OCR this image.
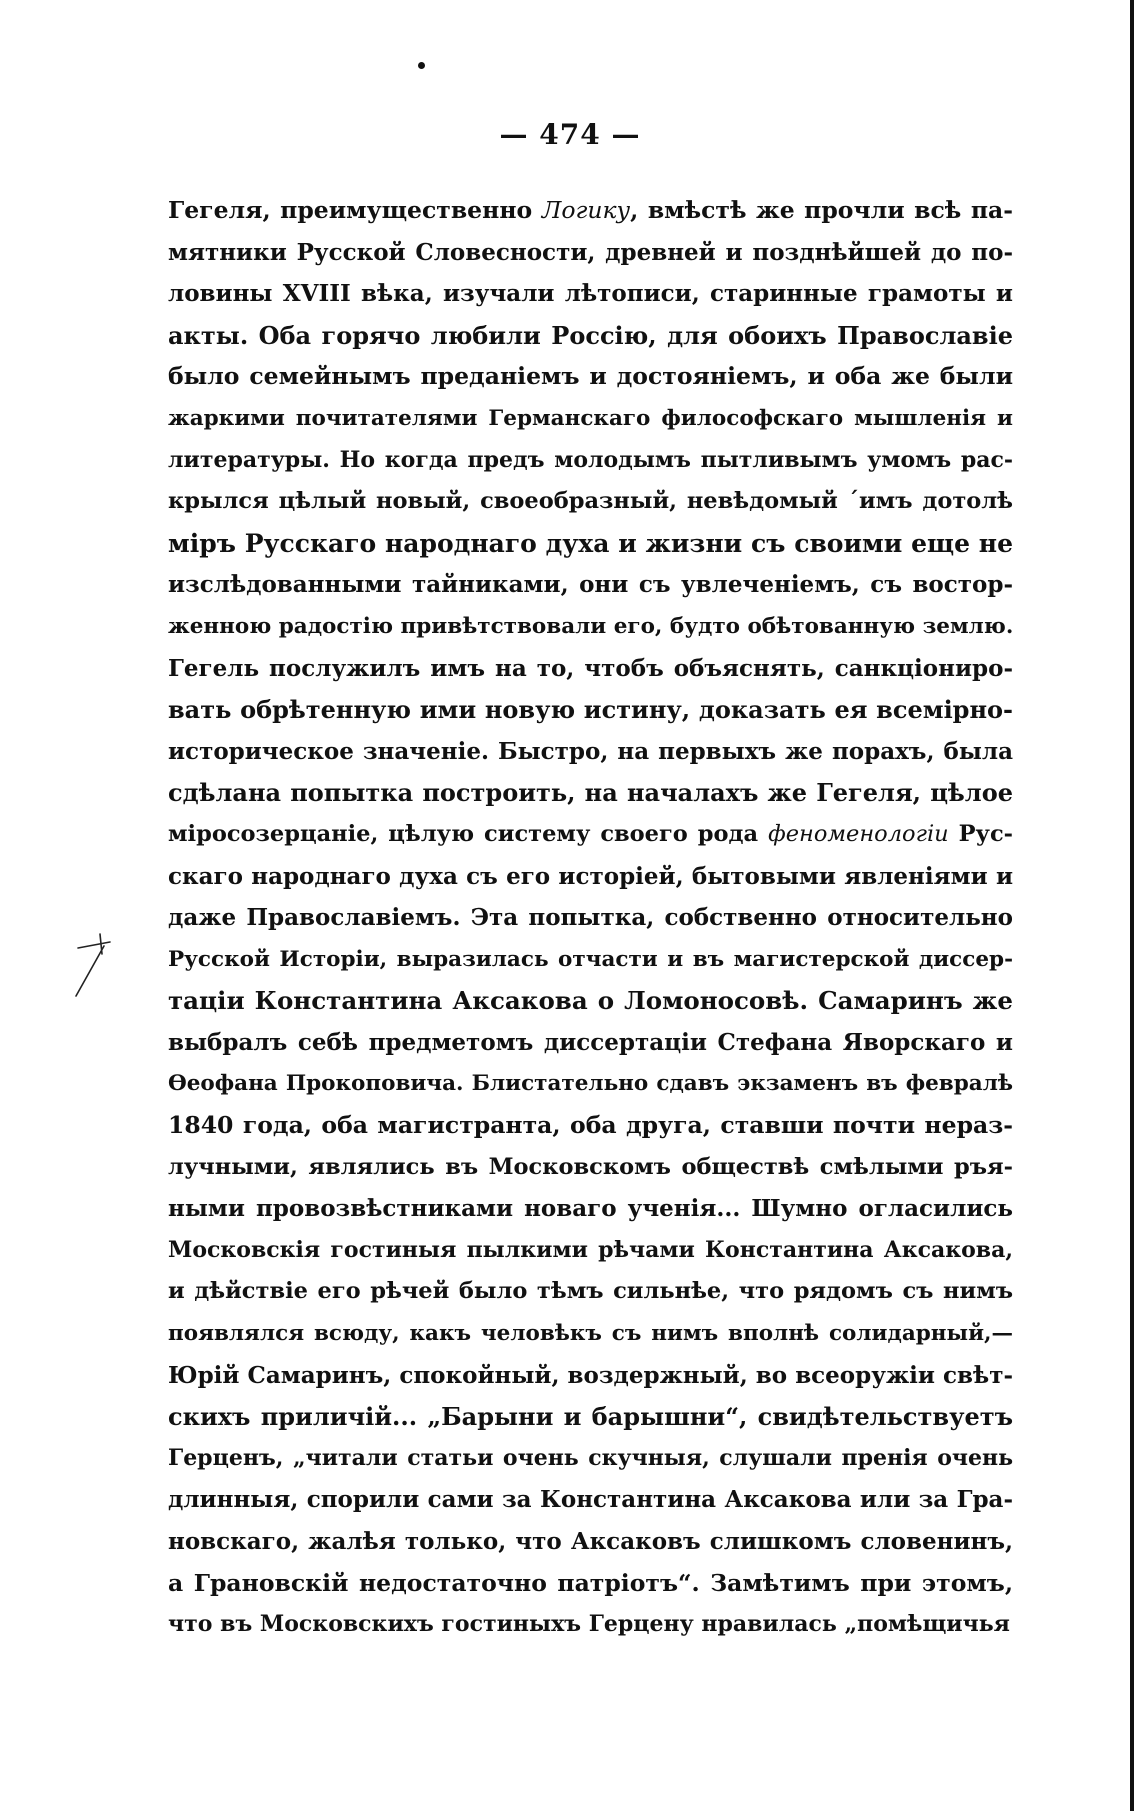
— 474 —
Гегеля, преимущественно Логику, вмѣстѣ же прочли всѣ па-
мятники Русской Словесности, древней и позднѣйшей до по-
ловины XVIII вѣка, изучали лѣтописи, старинные грамоты и
акты. Оба горячо любили Россію, для обоихъ Православіе
было семейнымъ преданіемъ и достояніемъ, и оба же были
жаркими почитателями Германскаго философскаго мышленія и
литературы. Но когда предъ молодымъ пытливымъ умомъ рас-
крылся цѣлый новый, своеобразный, невѣдомый ´имъ дотолѣ
міръ Русскаго народнаго духа и жизни съ своими еще не
изслѣдованными тайниками, они съ увлеченіемъ, съ востор-
женною радостію привѣтствовали его, будто обѣтованную землю.
Гегель послужилъ имъ на то, чтобъ объяснять, санкціониро-
вать обрѣтенную ими новую истину, доказать ея всемірно-
историческое значеніе. Быстро, на первыхъ же порахъ, была
сдѣлана попытка построить, на началахъ же Гегеля, цѣлое
міросозерцаніе, цѣлую систему своего рода феноменологіи Рус-
скаго народнаго духа съ его исторіей, бытовыми явленіями и
даже Православіемъ. Эта попытка, собственно относительно
Русской Исторіи, выразилась отчасти и въ магистерской диссер-
таціи Константина Аксакова о Ломоносовѣ. Самаринъ же
выбралъ себѣ предметомъ диссертаціи Стефана Яворскаго и
Ѳеофана Прокоповича. Блистательно сдавъ экзаменъ въ февралѣ
1840 года, оба магистранта, оба друга, ставши почти нераз-
лучными, являлись въ Московскомъ обществѣ смѣлыми ръя-
ными провозвѣстниками новаго ученія... Шумно огласились
Московскія гостиныя пылкими рѣчами Константина Аксакова,
и дѣйствіе его рѣчей было тѣмъ сильнѣе, что рядомъ съ нимъ
появлялся всюду, какъ человѣкъ съ нимъ вполнѣ солидарный,—
Юрій Самаринъ, спокойный, воздержный, во всеоружіи свѣт-
скихъ приличій... „Барыни и барышни“, свидѣтельствуетъ
Герценъ, „читали статьи очень скучныя, слушали пренія очень
длинныя, спорили сами за Константина Аксакова или за Гра-
новскаго, жалѣя только, что Аксаковъ слишкомъ словенинъ,
а Грановскій недостаточно патріотъ“. Замѣтимъ при этомъ,
что въ Московскихъ гостиныхъ Герцену нравилась „помѣщичья
